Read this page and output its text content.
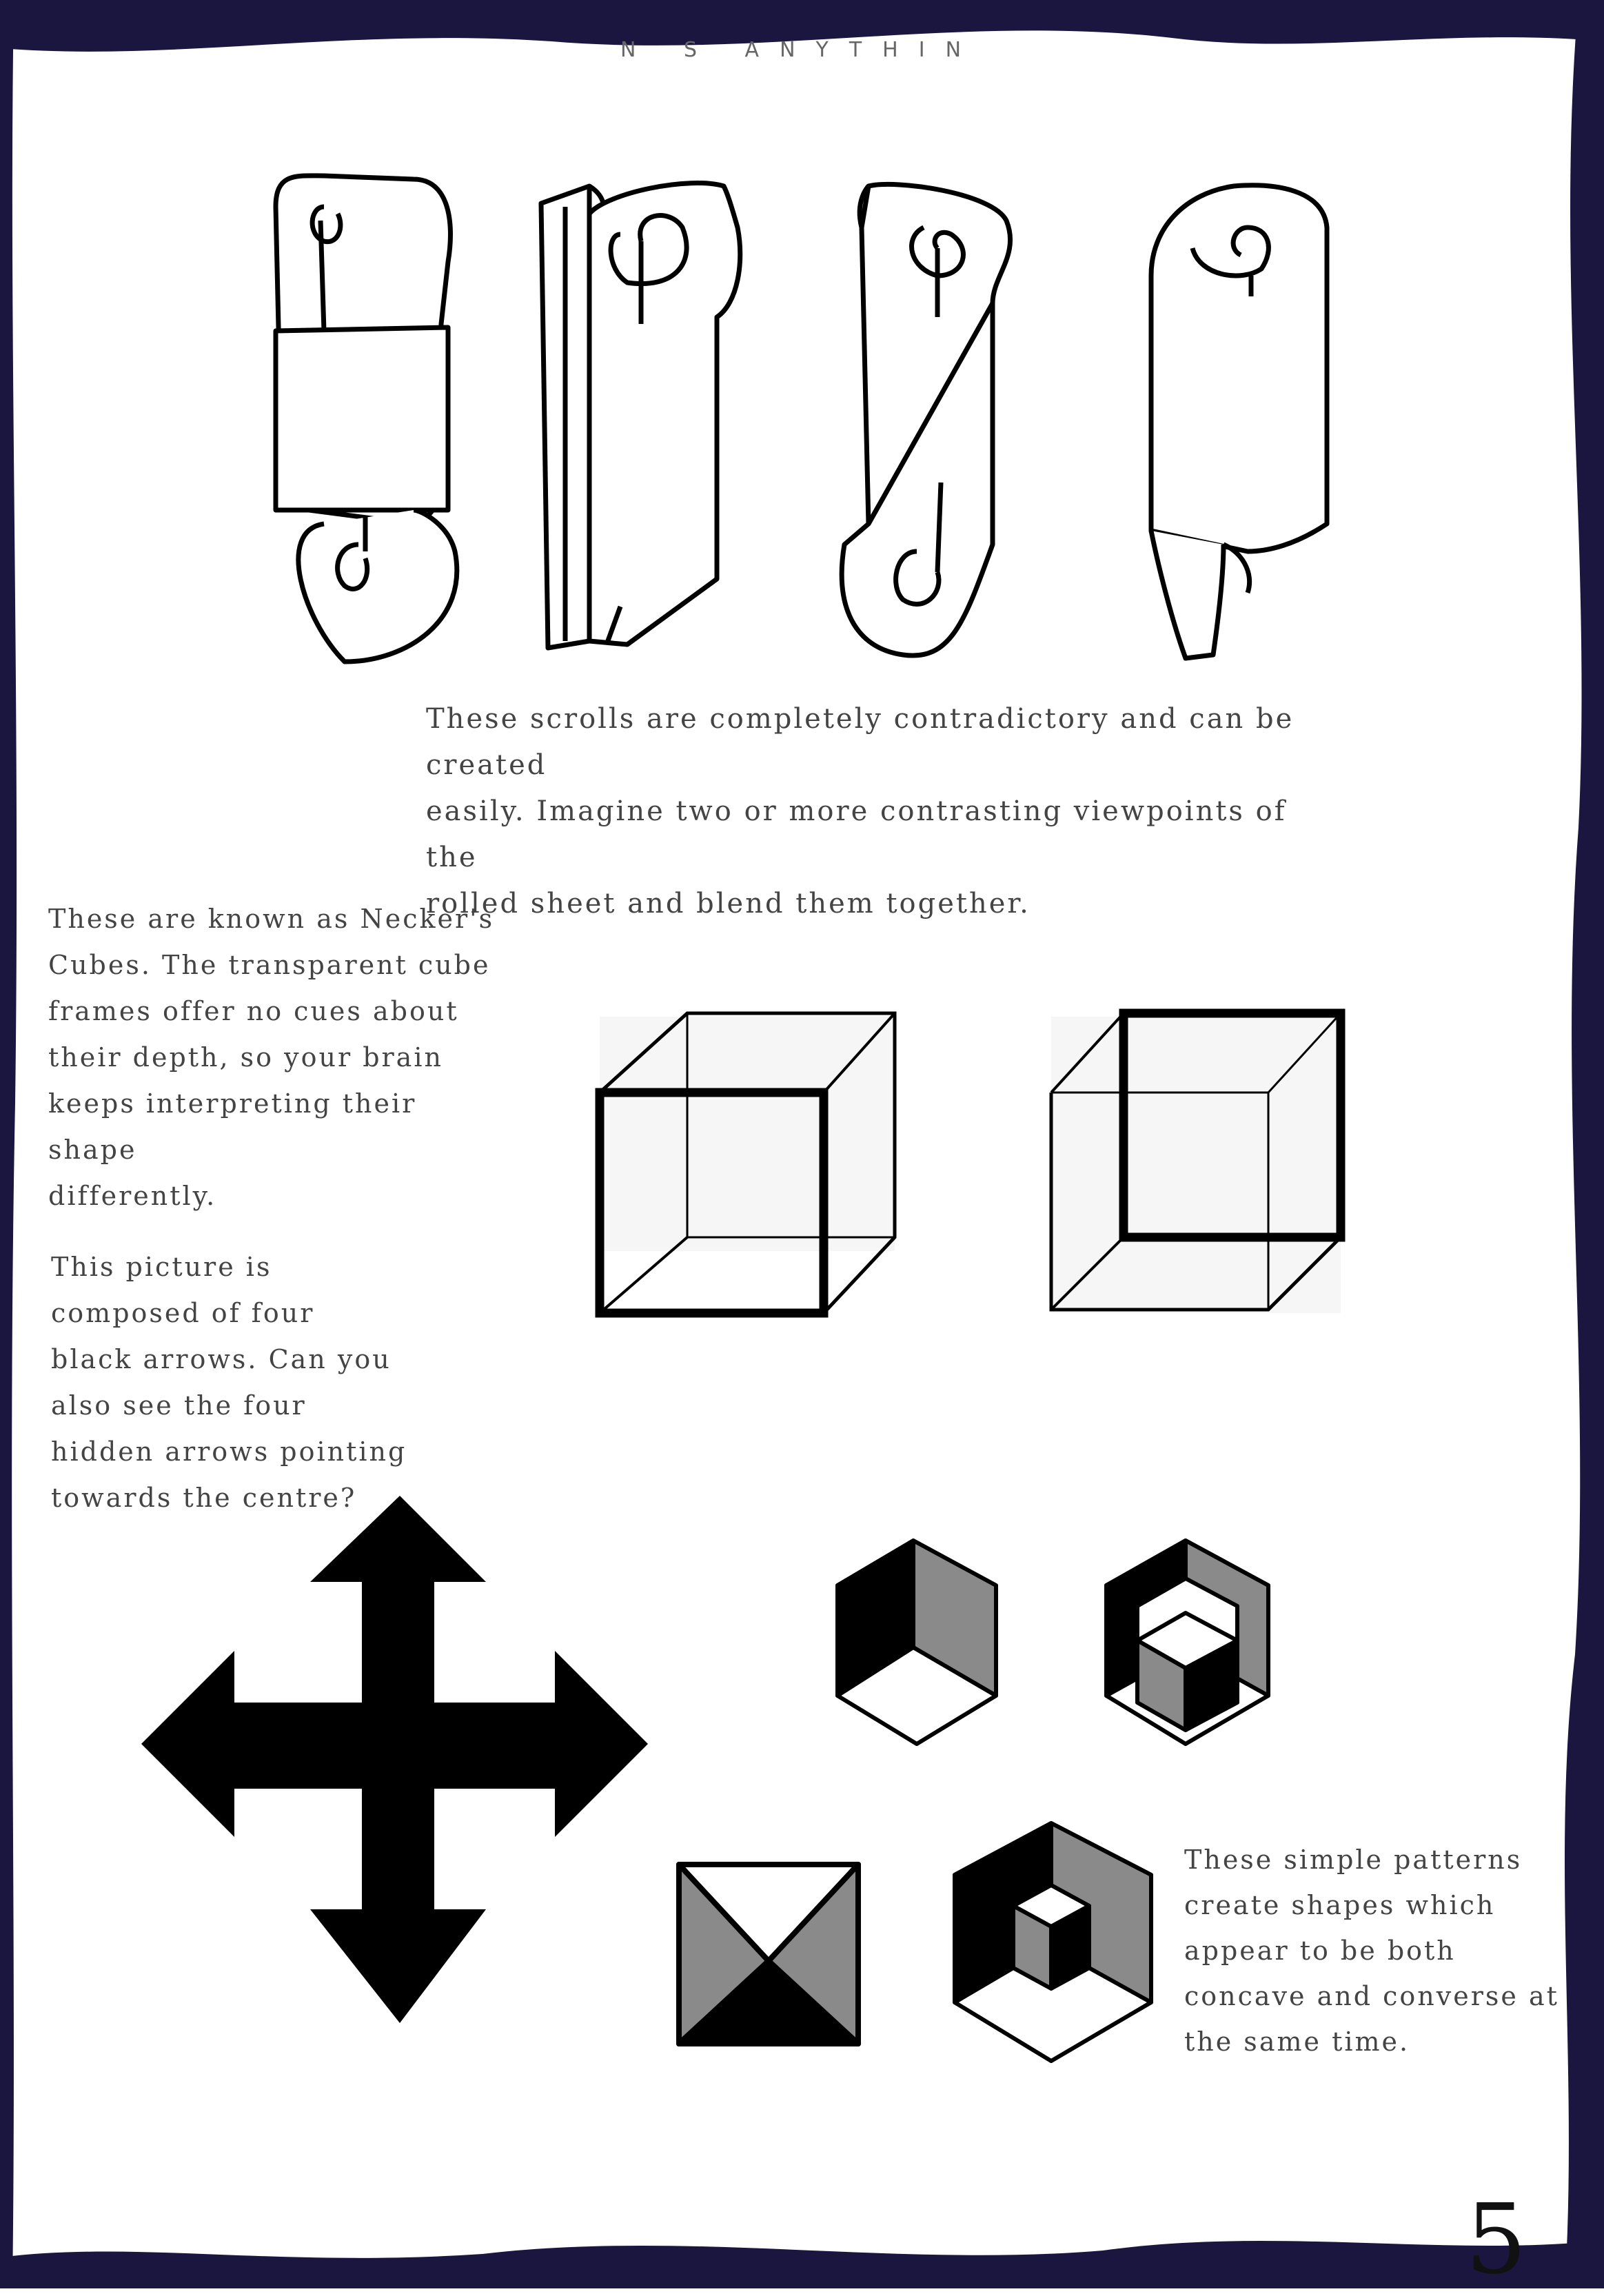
N S ANYTHIN
These scrolls are completely contradictory and can be created
easily. Imagine two or more contrasting viewpoints of the
rolled sheet and blend them together.
These are known as Necker's
Cubes. The transparent cube
frames offer no cues about
their depth, so your brain
keeps interpreting their shape
differently.
This picture is
composed of four
black arrows. Can you
also see the four
hidden arrows pointing
towards the centre?
These simple patterns
create shapes which
appear to be both
concave and converse at
the same time.
5
